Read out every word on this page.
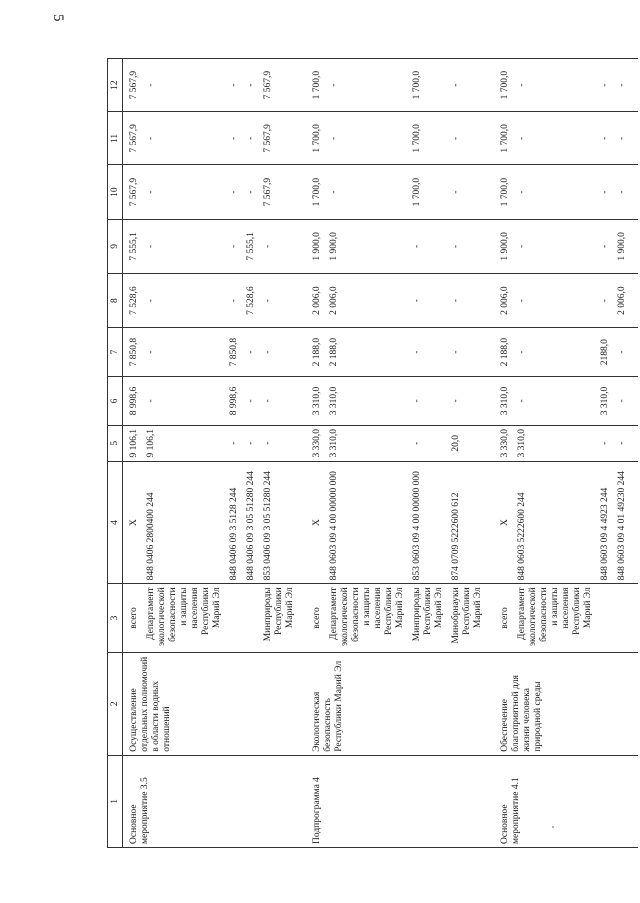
5
1	2	3	4	5	6	7	8	9	10	11	12
Основное мероприятие 3.5	Осуществление отдельных полномочий в области водных отношений	всего	X	9 106,1	8 998,6	7 850,8	7 528,6	7 555,1	7 567,9	7 567,9	7 567,9
		Департамент экологической безопасности и защиты населения Республики Марий Эл	848 0406 2800400 244	9 106,1	-	-	-	-	-	-	-
			848 0406 09 3 5128 244	-	8 998,6	7 850,8	-	-	-	-	-
			848 0406 09 3 05 51280 244	-	-	-	7 528,6	7 555,1	-	-	-
		Минприроды Республики Марий Эл	853 0406 09 3 05 51280 244	-	-	-	-	-	7 567,9	7 567,9	7 567,9
Подпрограмма 4	Экологическая безопасность Республики Марий Эл	всего	X	3 330,0	3 310,0	2 188,0	2 006,0	1 900,0	1 700,0	1 700,0	1 700,0
		Департамент экологической безопасности и защиты населения Республики Марий Эл	848 0603 09 4 00 00000 000	3 310,0	3 310,0	2 188,0	2 006,0	1 900,0	-	-	-
		Минприроды Республики Марий Эл	853 0603 09 4 00 00000 000	-	-	-	-	-	1 700,0	1 700,0	1 700,0
		Минобрнауки Республики Марий Эл	874 0709 5222600 612	20,0	-	-	-	-	-	-	-
Основное мероприятие 4.1	Обеспечение благоприятной для жизни человека природной среды	всего	X	3 330,0	3 310,0	2 188,0	2 006,0	1 900,0	1 700,0	1 700,0	1 700,0
		Департамент экологической безопасности и защиты населения Республики Марий Эл	848 0603 5222600 244	3 310,0	-	-	-	-	-	-	-
			848 0603 09 4 4923 244	-	3 310,0	2188,0	-	-	-	-	-
			848 0603 09 4 01 49230 244	-	-	-	2 006,0	1 900,0	-	-	-
